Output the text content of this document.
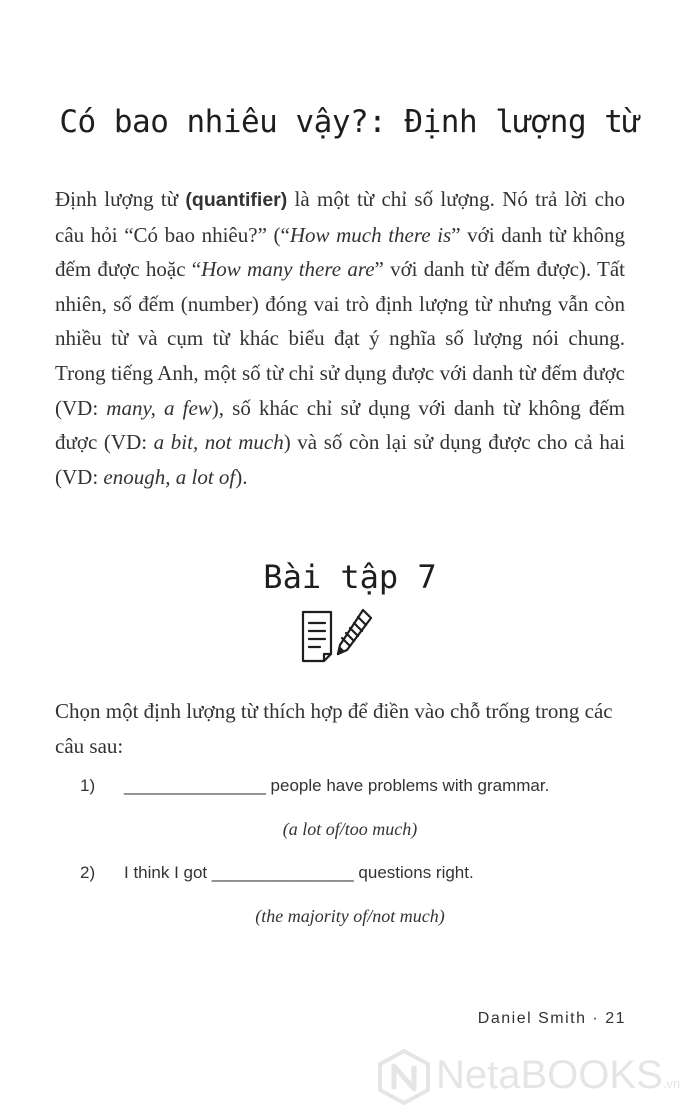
Có bao nhiêu vậy?: Định lượng từ
Định lượng từ (quantifier) là một từ chỉ số lượng. Nó trả lời cho câu hỏi “Có bao nhiêu?” (“How much there is” với danh từ không đếm được hoặc “How many there are” với danh từ đếm được). Tất nhiên, số đếm (number) đóng vai trò định lượng từ nhưng vẫn còn nhiều từ và cụm từ khác biểu đạt ý nghĩa số lượng nói chung. Trong tiếng Anh, một số từ chỉ sử dụng được với danh từ đếm được (VD: many, a few), số khác chỉ sử dụng với danh từ không đếm được (VD: a bit, not much) và số còn lại sử dụng được cho cả hai (VD: enough, a lot of).
Bài tập 7
Chọn một định lượng từ thích hợp để điền vào chỗ trống trong các câu sau:
1) _______________ people have problems with grammar.
(a lot of/too much)
2) I think I got _______________ questions right.
(the majority of/not much)
Daniel Smith · 21
NetaBOOKS.vn
